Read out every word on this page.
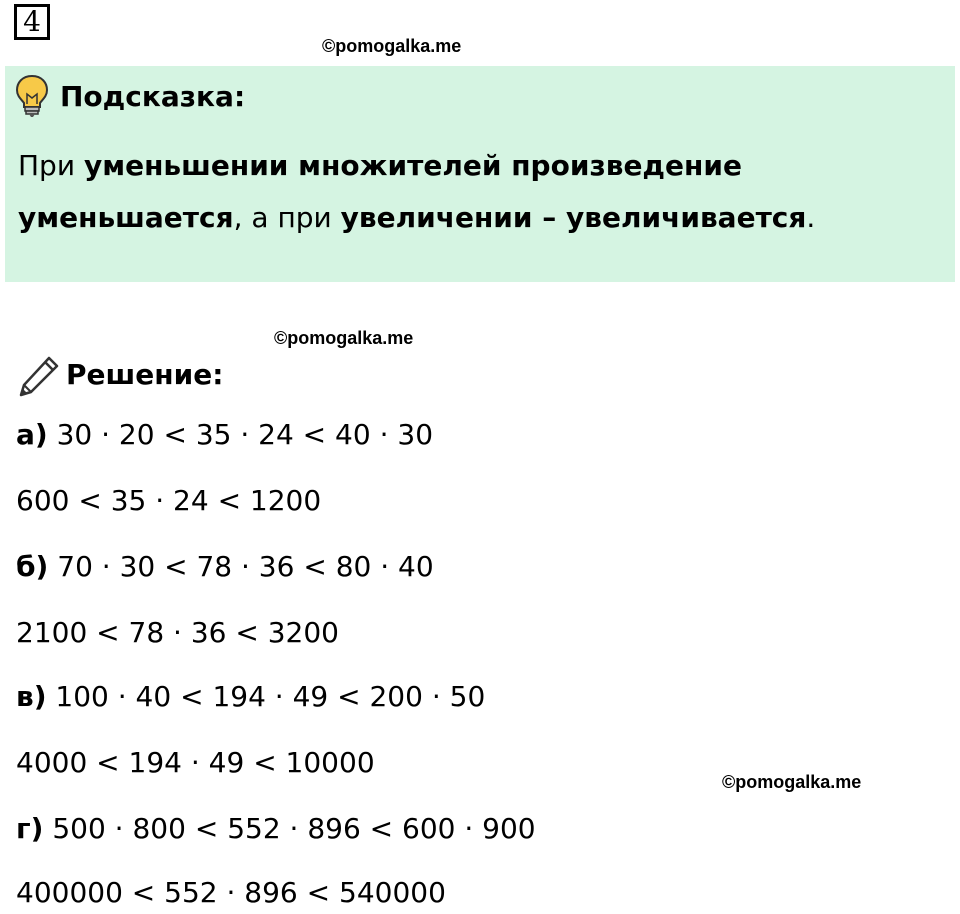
4
©pomogalka.me
Подсказка:
При уменьшении множителей произведение уменьшается, а при увеличении – увеличивается.
©pomogalka.me
Решение:
а) 30 · 20 < 35 · 24 < 40 · 30
600 < 35 · 24 < 1200
б) 70 · 30 < 78 · 36 < 80 · 40
2100 < 78 · 36 < 3200
в) 100 · 40 < 194 · 49 < 200 · 50
4000 < 194 · 49 < 10000
г) 500 · 800 < 552 · 896 < 600 · 900
400000 < 552 · 896 < 540000
©pomogalka.me
